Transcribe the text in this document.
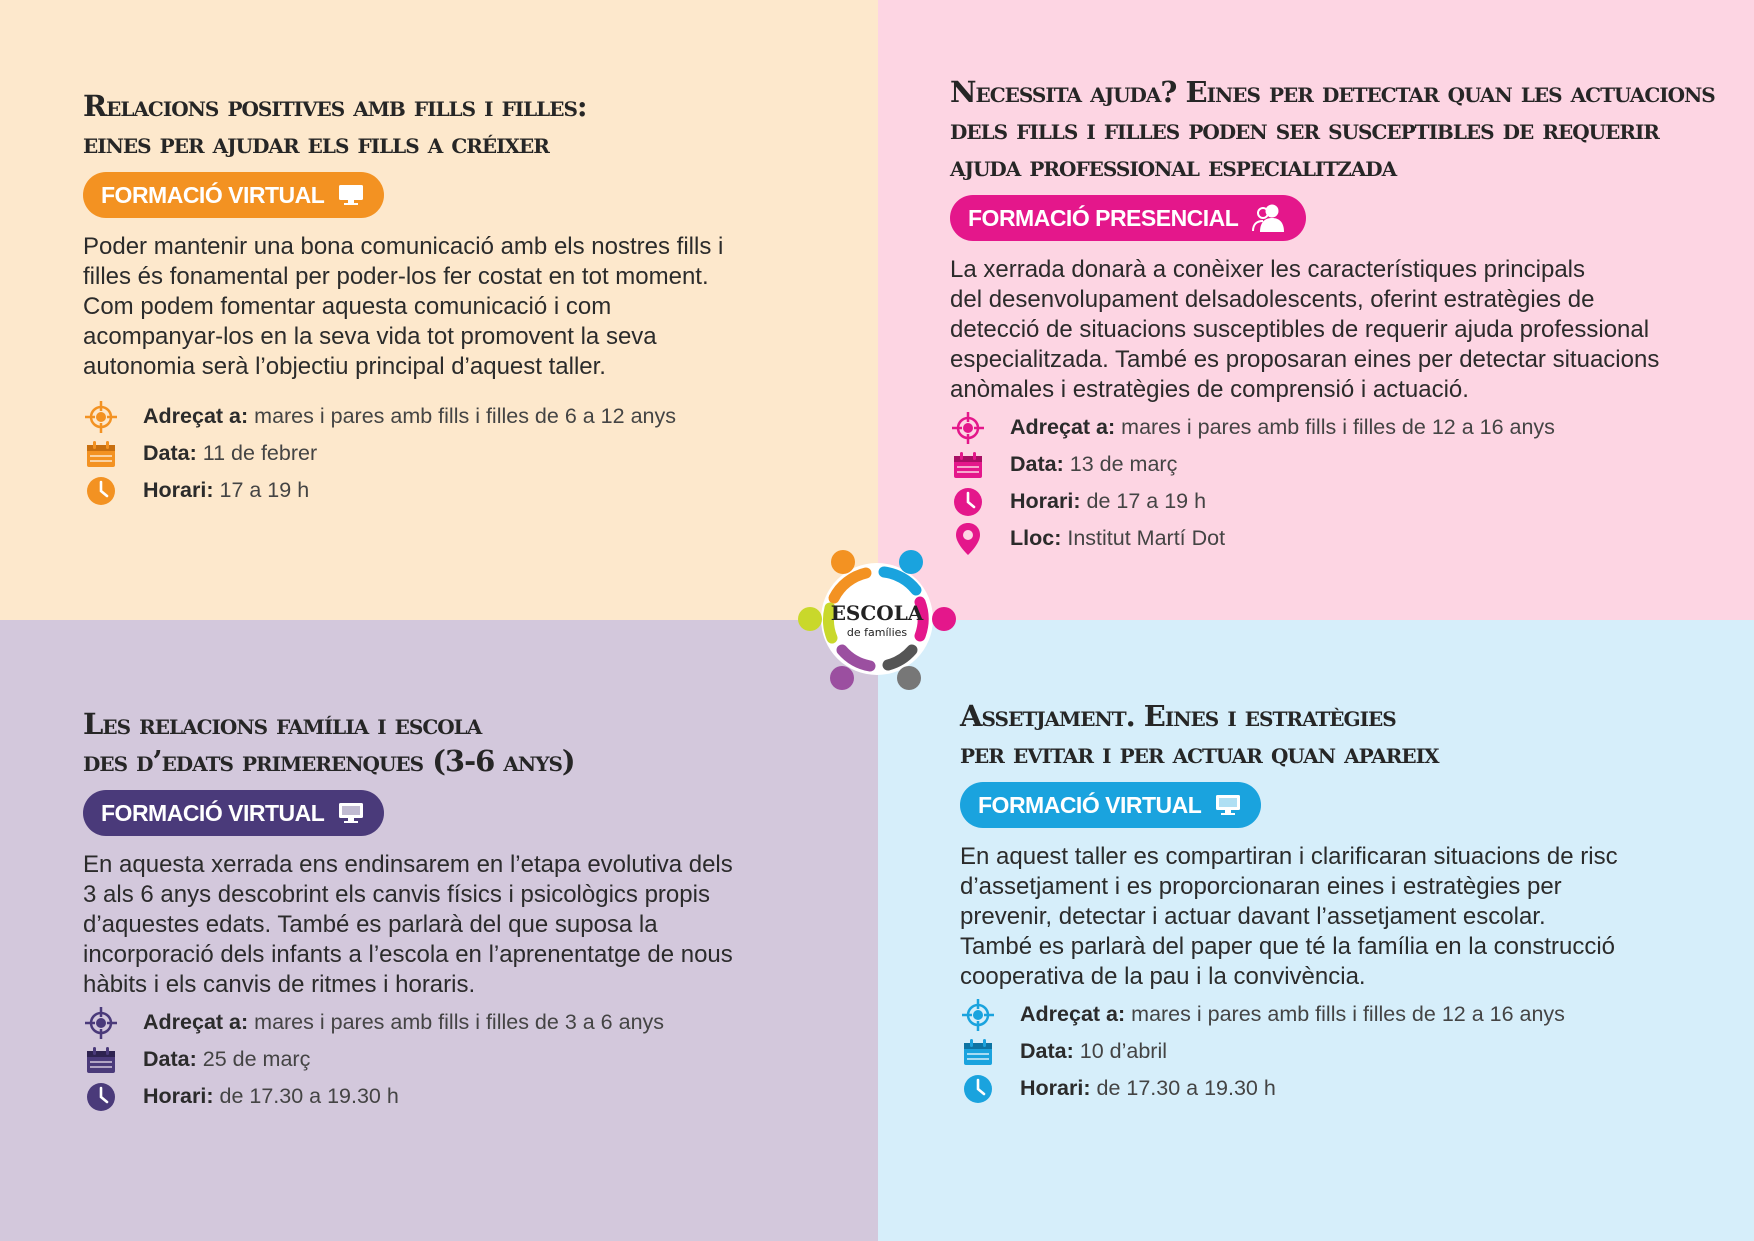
Relacions positives amb fills i filles:
eines per ajudar els fills a créixer
FORMACIÓ VIRTUAL

Poder mantenir una bona comunicació amb els nostres fills i
filles és fonamental per poder-los fer costat en tot moment.
Com podem fomentar aquesta comunicació i com
acompanyar-los en la seva vida tot promovent la seva
autonomia serà l’objectiu principal d’aquest taller.

Adreçat a: mares i pares amb fills i filles de 6 a 12 anys
Data: 11 de febrer
Horari: 17 a 19 h
Necessita ajuda? Eines per detectar quan les actuacions
dels fills i filles poden ser susceptibles de requerir
ajuda professional especialitzada
FORMACIÓ PRESENCIAL

La xerrada donarà a conèixer les característiques principals
del desenvolupament delsadolescents, oferint estratègies de
detecció de situacions susceptibles de requerir ajuda professional
especialitzada. També es proposaran eines per detectar situacions
anòmales i estratègies de comprensió i actuació.

Adreçat a: mares i pares amb fills i filles de 12 a 16 anys
Data: 13 de març
Horari: de 17 a 19 h
Lloc: Institut Martí Dot
Les relacions família i escola
des d’edats primerenques (3-6 anys)
FORMACIÓ VIRTUAL

En aquesta xerrada ens endinsarem en l’etapa evolutiva dels
3 als 6 anys descobrint els canvis físics i psicològics propis
d’aquestes edats. També es parlarà del que suposa la
incorporació dels infants a l’escola en l’aprenentatge de nous
hàbits i els canvis de ritmes i horaris.

Adreçat a: mares i pares amb fills i filles de 3 a 6 anys
Data: 25 de març
Horari: de 17.30 a 19.30 h
Assetjament. Eines i estratègies
per evitar i per actuar quan apareix
FORMACIÓ VIRTUAL

En aquest taller es compartiran i clarificaran situacions de risc
d’assetjament i es proporcionaran eines i estratègies per
prevenir, detectar i actuar davant l’assetjament escolar.
També es parlarà del paper que té la família en la construcció
cooperativa de la pau i la convivència.

Adreçat a: mares i pares amb fills i filles de 12 a 16 anys
Data: 10 d’abril
Horari: de 17.30 a 19.30 h
ESCOLA
de famílies
